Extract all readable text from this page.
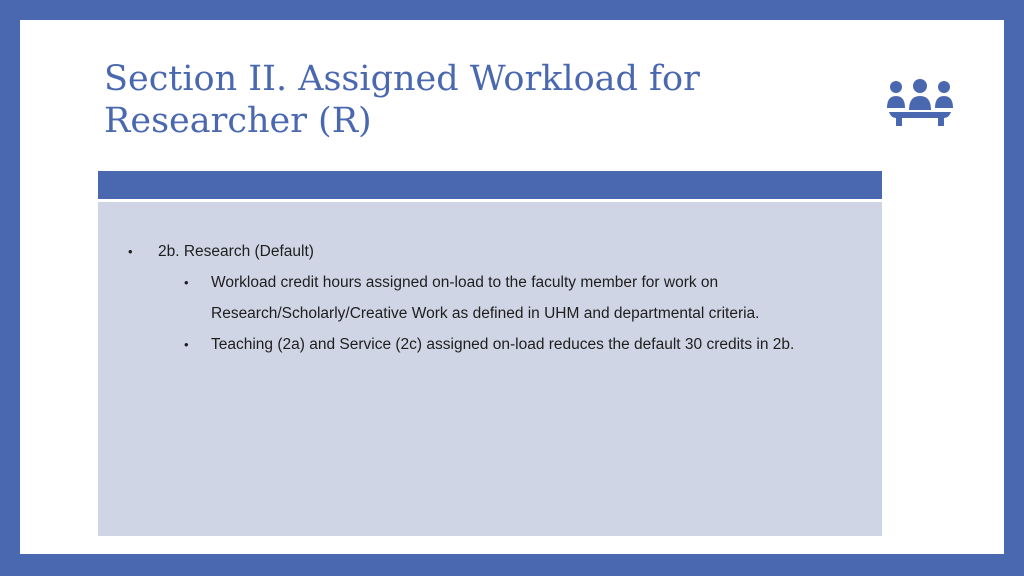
Section II. Assigned Workload for
Researcher (R)

• 2b. Research (Default)

• Workload credit hours assigned on-load to the faculty member for work on
Research/Scholarly/Creative Work as defined in UHM and departmental criteria.

• Teaching (2a) and Service (2c) assigned on-load reduces the default 30 credits in 2b.
